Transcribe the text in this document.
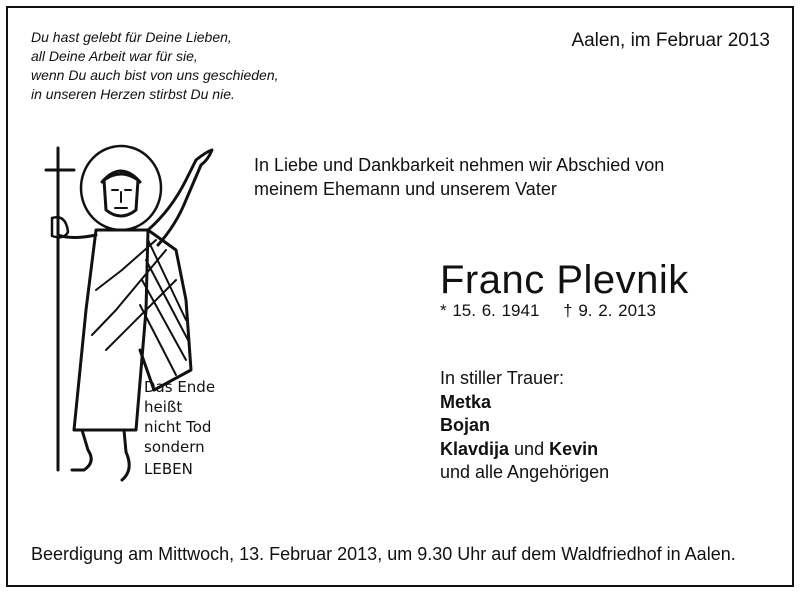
Du hast gelebt für Deine Lieben,
all Deine Arbeit war für sie,
wenn Du auch bist von uns geschieden,
in unseren Herzen stirbst Du nie.
Aalen, im Februar 2013
In Liebe und Dankbarkeit nehmen wir Abschied von
meinem Ehemann und unserem Vater
Franc Plevnik
* 15. 6. 1941 † 9. 2. 2013
In stiller Trauer:
Metka
Bojan
Klavdija und Kevin
und alle Angehörigen
Das Ende
heißt
nicht Tod
sondern
LEBEN
Beerdigung am Mittwoch, 13. Februar 2013, um 9.30 Uhr auf dem Waldfriedhof in Aalen.
